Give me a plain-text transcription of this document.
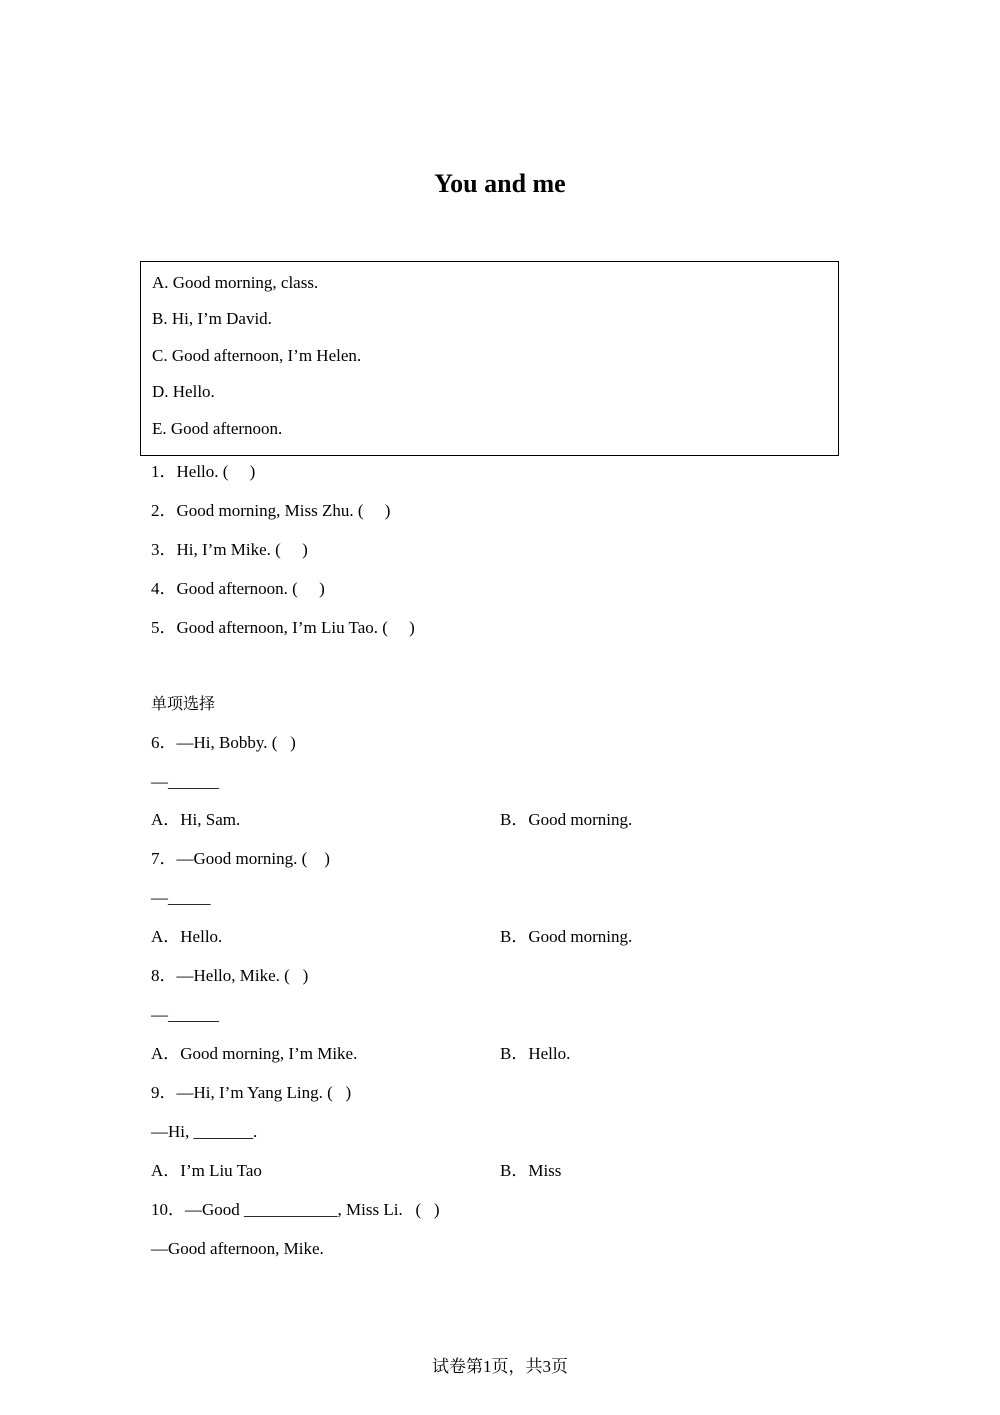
You and me
A. Good morning, class.
B. Hi, I’m David.
C. Good afternoon, I’m Helen.
D. Hello.
E. Good afternoon.
1．Hello. (     )
2．Good morning, Miss Zhu. (     )
3．Hi, I’m Mike. (     )
4．Good afternoon. (     )
5．Good afternoon, I’m Liu Tao. (     )
单项选择
6．—Hi, Bobby. (   )
—______
A．Hi, Sam.	B．Good morning.
7．—Good morning. (    )
—_____
A．Hello.	B．Good morning.
8．—Hello, Mike. (   )
—______
A．Good morning, I’m Mike.	B．Hello.
9．—Hi, I’m Yang Ling. (   )
—Hi, _______.
A．I’m Liu Tao	B．Miss
10．—Good ___________, Miss Li.   (   )
—Good afternoon, Mike.
试卷第1页，共3页
